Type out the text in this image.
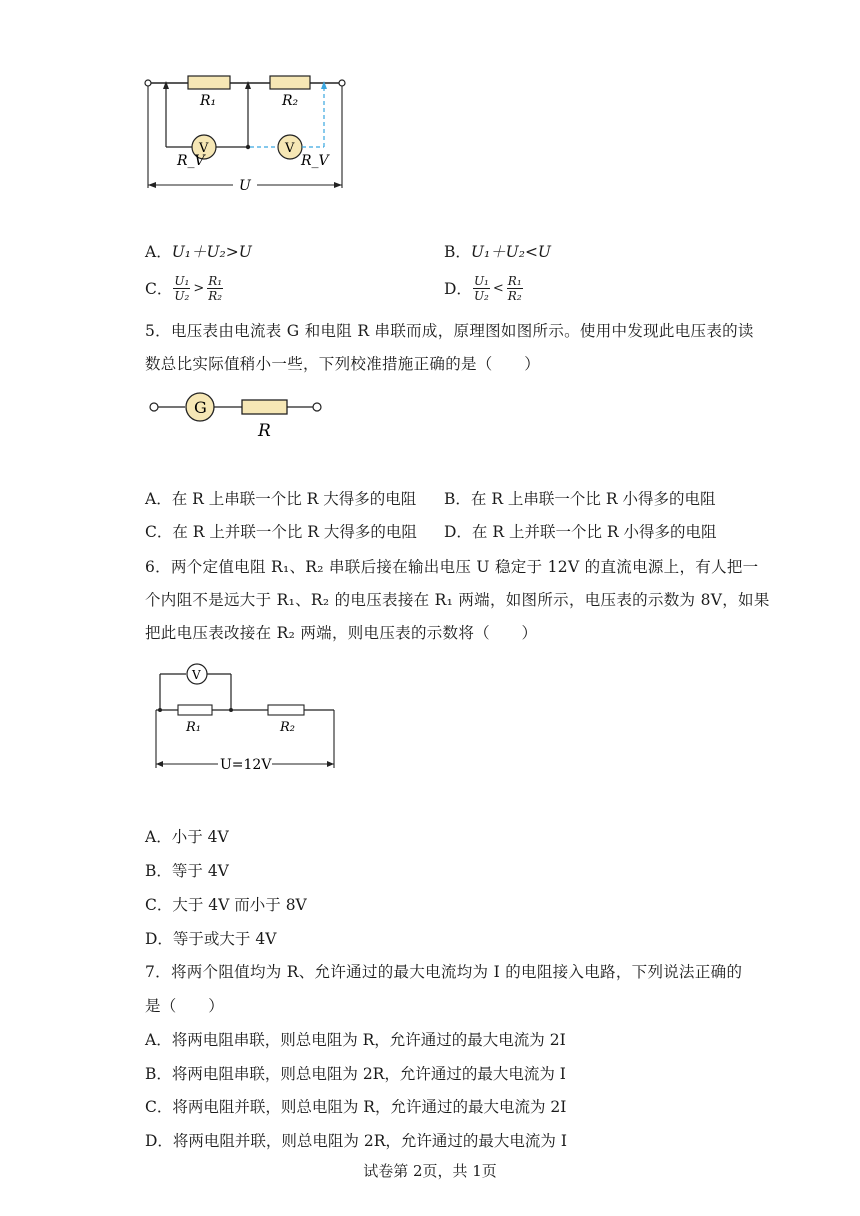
R₁	R₂
V	V
R_V	R_V
U
A．U₁＋U₂>U	B．U₁＋U₂<U
C． $\frac{\text{U₁}}{\text{U₂}} > \frac{\text{R₁}}{\text{R₂}}$	D． $\frac{\text{U₁}}{\text{U₂}} < \frac{\text{R₁}}{\text{R₂}}$
5．电压表由电流表 G 和电阻 R 串联而成，原理图如图所示。使用中发现此电压表的读
数总比实际值稍小一些，下列校准措施正确的是（　　）
G
R
A．在 R 上串联一个比 R 大得多的电阻 B．在 R 上串联一个比 R 小得多的电阻
C．在 R 上并联一个比 R 大得多的电阻 D．在 R 上并联一个比 R 小得多的电阻
6．两个定值电阻 R₁、R₂ 串联后接在输出电压 U 稳定于 12V 的直流电源上，有人把一
个内阻不是远大于 R₁、R₂ 的电压表接在 R₁ 两端，如图所示，电压表的示数为 8V，如果
把此电压表改接在 R₂ 两端，则电压表的示数将（　　）
V
R₁	R₂
U=12V
A．小于 4V
B．等于 4V
C．大于 4V 而小于 8V
D．等于或大于 4V
7．将两个阻值均为 R、允许通过的最大电流均为 I 的电阻接入电路，下列说法正确的
是（　　）
A．将两电阻串联，则总电阻为 R，允许通过的最大电流为 2I
B．将两电阻串联，则总电阻为 2R，允许通过的最大电流为 I
C．将两电阻并联，则总电阻为 R，允许通过的最大电流为 2I
D．将两电阻并联，则总电阻为 2R，允许通过的最大电流为 I
试卷第 2页，共 1页
